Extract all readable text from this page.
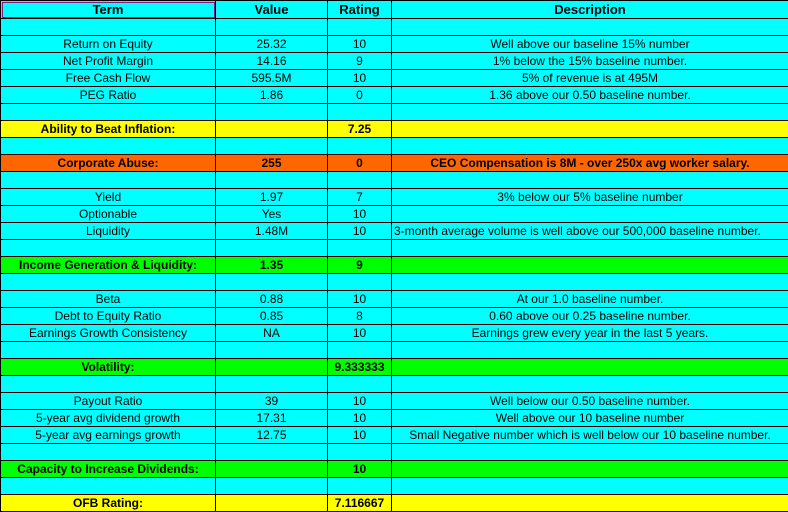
Term	Value	Rating	Description

Return on Equity	25.32	10	Well above our baseline 15% number
Net Profit Margin	14.16	9	1% below the 15% baseline number.
Free Cash Flow	595.5M	10	5% of revenue is at 495M
PEG Ratio	1.86	0	1.36 above our 0.50 baseline number.

Ability to Beat Inflation:		7.25	

Corporate Abuse:	255	0	CEO Compensation is 8M - over 250x avg worker salary.

Yield	1.97	7	3% below our 5% baseline number
Optionable	Yes	10	
Liquidity	1.48M	10	3-month average volume is well above our 500,000 baseline number.

Income Generation & Liquidity:	1.35	9	

Beta	0.88	10	At our 1.0 baseline number.
Debt to Equity Ratio	0.85	8	0.60 above our 0.25 baseline number.
Earnings Growth Consistency	NA	10	Earnings grew every year in the last 5 years.

Volatility:		9.333333	

Payout Ratio	39	10	Well below our 0.50 baseline number.
5-year avg dividend growth	17.31	10	Well above our 10 baseline number
5-year avg earnings growth	12.75	10	Small Negative number which is well below our 10 baseline number.

Capacity to Increase Dividends:		10	

OFB Rating:		7.116667	
